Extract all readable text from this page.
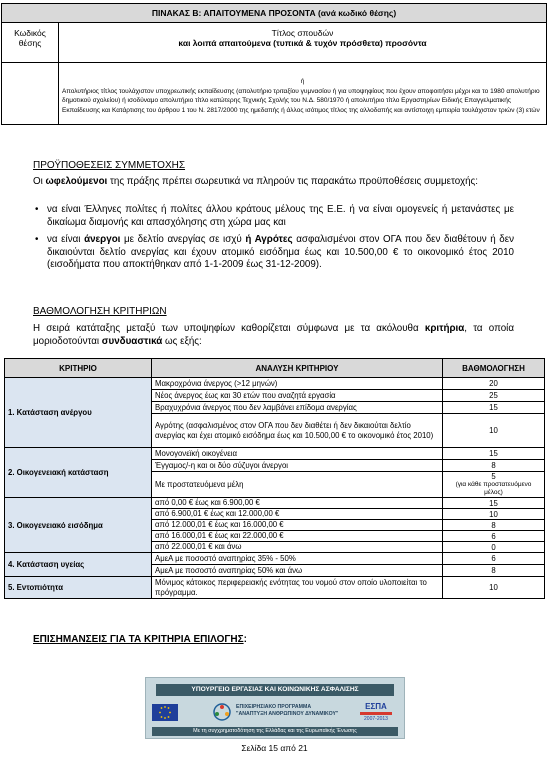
ΠΙΝΑΚΑΣ Β: ΑΠΑΙΤΟΥΜΕΝΑ ΠΡΟΣΟΝΤΑ (ανά κωδικό θέσης)	
Κωδικός
θέσης	Τίτλος σπουδών
και λοιπά απαιτούμενα (τυπικά & τυχόν πρόσθετα) προσόντα

	ή
Απολυτήριος τίτλος τουλάχιστον υποχρεωτικής εκπαίδευσης (απολυτήριο τριταξίου γυμνασίου ή για υποψηφίους που έχουν αποφοιτήσει μέχρι και το 1980 απολυτήριο δημοτικού σχολείου) ή ισοδύναμο απολυτήριο τίτλο κατώτερης Τεχνικής Σχολής του Ν.Δ. 580/1970 ή απολυτήριο τίτλο Εργαστηρίων Ειδικής Επαγγελματικής Εκπαίδευσης και Κατάρτισης του άρθρου 1 του Ν. 2817/2000 της ημεδαπής ή άλλος ισότιμος τίτλος της αλλοδαπής και αντίστοιχη εμπειρία τουλάχιστον τριών (3) ετών
ΠΡΟΫΠΟΘΕΣΕΙΣ ΣΥΜΜΕΤΟΧΗΣ
Οι ωφελούμενοι της πράξης πρέπει σωρευτικά να πληρούν τις παρακάτω προϋποθέσεις συμμετοχής:
• να είναι Έλληνες πολίτες ή πολίτες άλλου κράτους μέλους της Ε.Ε. ή να είναι ομογενείς ή μετανάστες με δικαίωμα διαμονής και απασχόλησης στη χώρα μας και
• να είναι άνεργοι με δελτίο ανεργίας σε ισχύ ή Αγρότες ασφαλισμένοι στον ΟΓΑ που δεν διαθέτουν ή δεν δικαιούνται δελτίο ανεργίας και έχουν ατομικό εισόδημα έως και 10.500,00 € το οικονομικό έτος 2010 (εισοδήματα που αποκτήθηκαν από 1-1-2009 έως 31-12-2009).
ΒΑΘΜΟΛΟΓΗΣΗ ΚΡΙΤΗΡΙΩΝ
Η σειρά κατάταξης μεταξύ των υποψηφίων καθορίζεται σύμφωνα με τα ακόλουθα κριτήρια, τα οποία μοριοδοτούνται συνδυαστικά ως εξής:
ΚΡΙΤΗΡΙΟ	ΑΝΑΛΥΣΗ ΚΡΙΤΗΡΙΟΥ	ΒΑΘΜΟΛΟΓΗΣΗ
1. Κατάσταση ανέργου	Μακροχρόνια άνεργος (>12 μηνών)	20

	Νέος άνεργος έως και 30 ετών που αναζητά εργασία	25

	Βραχυχρόνια άνεργος που δεν λαμβάνει επίδομα ανεργίας	15

	Αγρότης (ασφαλισμένος στον ΟΓΑ που δεν διαθέτει ή δεν δικαιούται δελτίο ανεργίας και έχει ατομικό εισόδημα έως και 10.500,00 € το οικονομικό έτος 2010)	10

2. Οικογενειακή κατάσταση	Μονογονεϊκή οικογένεια	15

	Έγγαμος/-η και οι δύο σύζυγοι άνεργοι	8

	Με προστατευόμενα μέλη	5
(για κάθε προστατευόμενο μέλος)

3. Οικογενειακό εισόδημα	από 0,00 € έως και 6.900,00 €	15

	από 6.900,01 € έως και 12.000,00 €	10

	από 12.000,01 € έως και 16.000,00 €	8

	από 16.000,01 € έως και 22.000,00 €	6

	από 22.000,01 € και άνω	0

4. Κατάσταση υγείας	ΑμεΑ με ποσοστό αναπηρίας 35% - 50%	6

	ΑμεΑ με ποσοστό αναπηρίας 50% και άνω	8

5. Εντοπιότητα	Μόνιμος κάτοικος περιφερειακής ενότητας του νομού στον οποίο υλοποιείται το πρόγραμμα.	10
ΕΠΙΣΗΜΑΝΣΕΙΣ ΓΙΑ ΤΑ ΚΡΙΤΗΡΙΑ ΕΠΙΛΟΓΗΣ:
ΥΠΟΥΡΓΕΙΟ ΕΡΓΑΣΙΑΣ ΚΑΙ ΚΟΙΝΩΝΙΚΗΣ ΑΣΦΑΛΙΣΗΣ
ΕΠΙΧΕΙΡΗΣΙΑΚΟ ΠΡΟΓΡΑΜΜΑ
"ΑΝΑΠΤΥΞΗ ΑΝΘΡΩΠΙΝΟΥ ΔΥΝΑΜΙΚΟΥ"
ΕΣΠΑ
2007-2013
Με τη συγχρηματοδότηση της Ελλάδας και της Ευρωπαϊκής Ένωσης
Σελίδα 15 από 21
